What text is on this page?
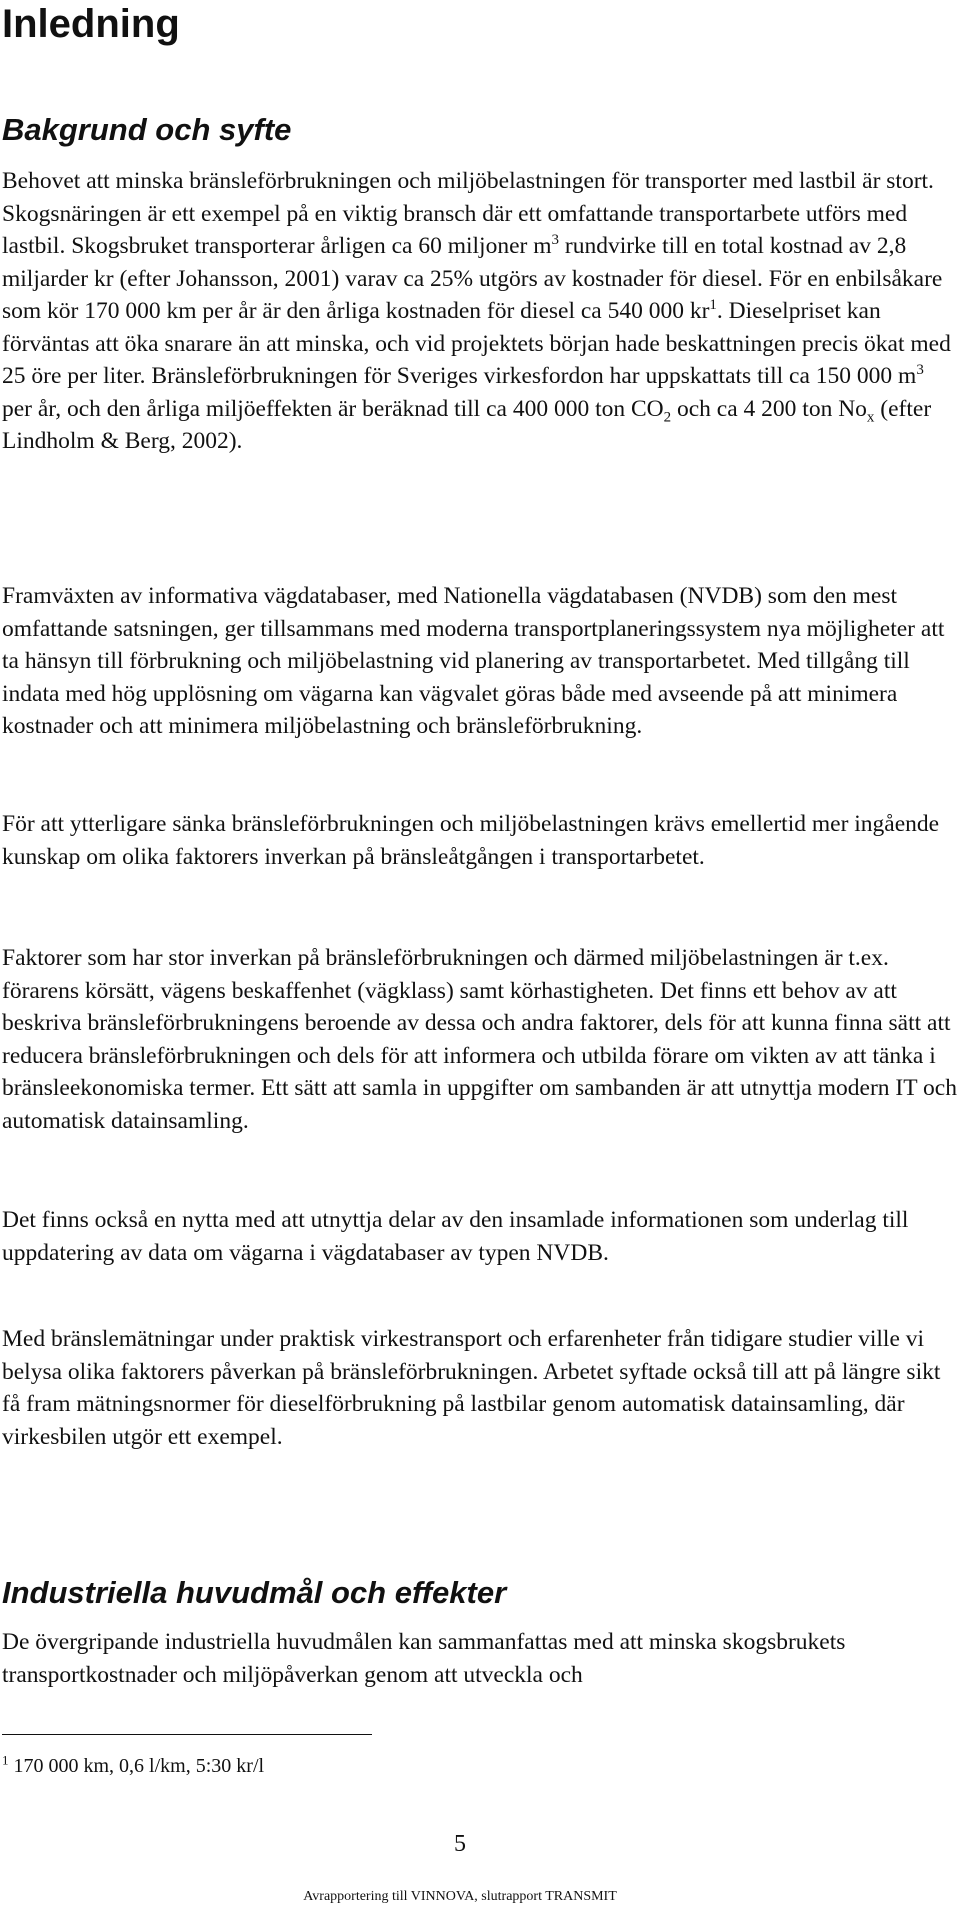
Inledning
Bakgrund och syfte

Behovet att minska bränsleförbrukningen och miljöbelastningen för transporter med lastbil är stort. Skogsnäringen är ett exempel på en viktig bransch där ett omfattande transportarbete utförs med lastbil. Skogsbruket transporterar årligen ca 60 miljoner $m^3$ rundvirke till en total kostnad av 2,8 miljarder kr (efter Johansson, 2001) varav ca 25% utgörs av kostnader för diesel. För en enbilsåkare som kör 170 000 km per år är den årliga kostnaden för diesel ca 540 000 $kr^1$. Dieselpriset kan förväntas att öka snarare än att minska, och vid projektets början hade beskattningen precis ökat med 25 öre per liter. Bränsleförbrukningen för Sveriges virkesfordon har uppskattats till ca 150 000 $m^3$ per år, och den årliga miljöeffekten är beräknad till ca 400 000 ton $CO_2$ och ca 4 200 ton $No_x$ (efter Lindholm & Berg, 2002).

Framväxten av informativa vägdatabaser, med Nationella vägdatabasen (NVDB) som den mest omfattande satsningen, ger tillsammans med moderna transportplaneringssystem nya möjligheter att ta hänsyn till förbrukning och miljöbelastning vid planering av transportarbetet. Med tillgång till indata med hög upplösning om vägarna kan vägvalet göras både med avseende på att minimera kostnader och att minimera miljöbelastning och bränsleförbrukning.

För att ytterligare sänka bränsleförbrukningen och miljöbelastningen krävs emellertid mer ingående kunskap om olika faktorers inverkan på bränsleåtgången i transportarbetet.

Faktorer som har stor inverkan på bränsleförbrukningen och därmed miljöbelastningen är t.ex. förarens körsätt, vägens beskaffenhet (vägklass) samt körhastigheten. Det finns ett behov av att beskriva bränsleförbrukningens beroende av dessa och andra faktorer, dels för att kunna finna sätt att reducera bränsleförbrukningen och dels för att informera och utbilda förare om vikten av att tänka i bränsleekonomiska termer. Ett sätt att samla in uppgifter om sambanden är att utnyttja modern IT och automatisk datainsamling.

Det finns också en nytta med att utnyttja delar av den insamlade informationen som underlag till uppdatering av data om vägarna i vägdatabaser av typen NVDB.

Med bränslemätningar under praktisk virkestransport och erfarenheter från tidigare studier ville vi belysa olika faktorers påverkan på bränsleförbrukningen. Arbetet syftade också till att på längre sikt få fram mätningsnormer för dieselförbrukning på lastbilar genom automatisk datainsamling, där virkesbilen utgör ett exempel.

Industriella huvudmål och effekter

De övergripande industriella huvudmålen kan sammanfattas med att minska skogsbrukets transportkostnader och miljöpåverkan genom att utveckla och

$^1$ 170 000 km, 0,6 l/km, 5:30 kr/l

5
Avrapportering till VINNOVA, slutrapport TRANSMIT
